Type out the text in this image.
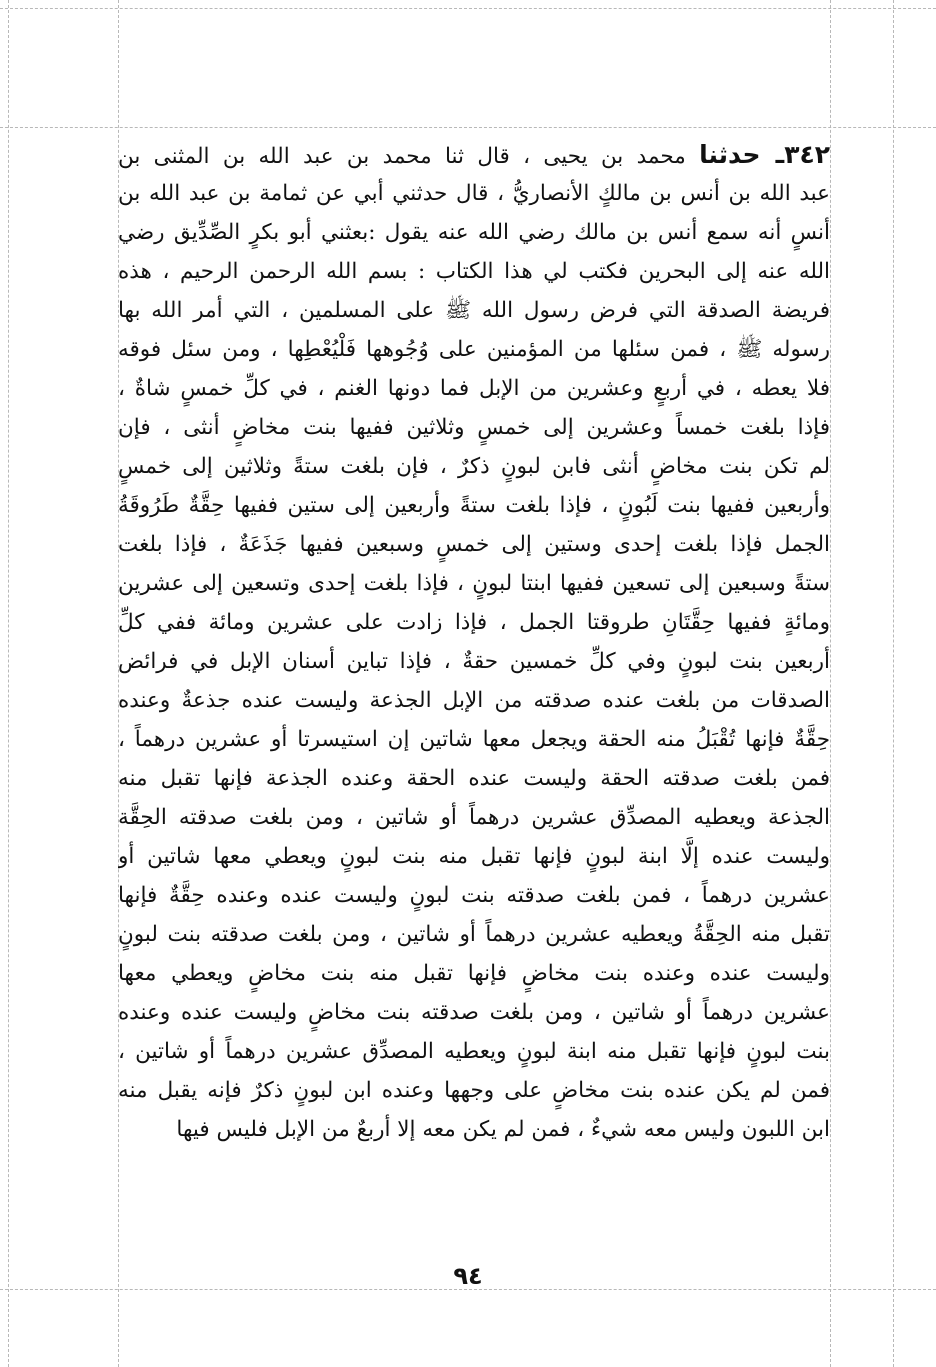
٣٤٢ـ حدثنا محمد بن يحيى ، قال ثنا محمد بن عبد الله بن المثنى بن
عبد الله بن أنس بن مالكٍ الأنصاريُّ ، قال حدثني أبي عن ثمامة بن عبد الله بن
أنسٍ أنه سمع أنس بن مالك رضي الله عنه يقول :بعثني أبو بكرٍ الصِّدِّيق رضي
الله عنه إلى البحرين فكتب لي هذا الكتاب : بسم الله الرحمن الرحيم ، هذه
فريضة الصدقة التي فرض رسول الله ﷺ على المسلمين ، التي أمر الله بها
رسوله ﷺ ، فمن سئلها من المؤمنين على وُجُوهها فَلْيُعْطِها ، ومن سئل فوقه
فلا يعطه ، في أربعٍ وعشرين من الإبل فما دونها الغنم ، في كلِّ خمسٍ شاةٌ ،
فإذا بلغت خمساً وعشرين إلى خمسٍ وثلاثين ففيها بنت مخاضٍ أنثى ، فإن
لم تكن بنت مخاضٍ أنثى فابن لبونٍ ذكرٌ ، فإن بلغت ستةً وثلاثين إلى خمسٍ
وأربعين ففيها بنت لَبُونٍ ، فإذا بلغت ستةً وأربعين إلى ستين ففيها حِقَّةٌ طَرُوقَةُ
الجمل فإذا بلغت إحدى وستين إلى خمسٍ وسبعين ففيها جَذَعَةٌ ، فإذا بلغت
ستةً وسبعين إلى تسعين ففيها ابنتا لبونٍ ، فإذا بلغت إحدى وتسعين إلى عشرين
ومائةٍ ففيها حِقَّتَانِ طروقتا الجمل ، فإذا زادت على عشرين ومائة ففي كلِّ
أربعين بنت لبونٍ وفي كلِّ خمسين حقةٌ ، فإذا تباين أسنان الإبل في فرائض
الصدقات من بلغت عنده صدقته من الإبل الجذعة وليست عنده جذعةٌ وعنده
حِقَّةٌ فإنها تُقْبَلُ منه الحقة ويجعل معها شاتين إن استيسرتا أو عشرين درهماً ،
فمن بلغت صدقته الحقة وليست عنده الحقة وعنده الجذعة فإنها تقبل منه
الجذعة ويعطيه المصدِّق عشرين درهماً أو شاتين ، ومن بلغت صدقته الحِقَّة
وليست عنده إلَّا ابنة لبونٍ فإنها تقبل منه بنت لبونٍ ويعطي معها شاتين أو
عشرين درهماً ، فمن بلغت صدقته بنت لبونٍ وليست عنده وعنده حِقَّةٌ فإنها
تقبل منه الحِقَّةُ ويعطيه عشرين درهماً أو شاتين ، ومن بلغت صدقته بنت لبونٍ
وليست عنده وعنده بنت مخاضٍ فإنها تقبل منه بنت مخاضٍ ويعطي معها
عشرين درهماً أو شاتين ، ومن بلغت صدقته بنت مخاضٍ وليست عنده وعنده
بنت لبونٍ فإنها تقبل منه ابنة لبونٍ ويعطيه المصدِّق عشرين درهماً أو شاتين ،
فمن لم يكن عنده بنت مخاضٍ على وجهها وعنده ابن لبونٍ ذكرٌ فإنه يقبل منه
ابن اللبون وليس معه شيءٌ ، فمن لم يكن معه إلا أربعٌ من الإبل فليس فيها
٩٤
